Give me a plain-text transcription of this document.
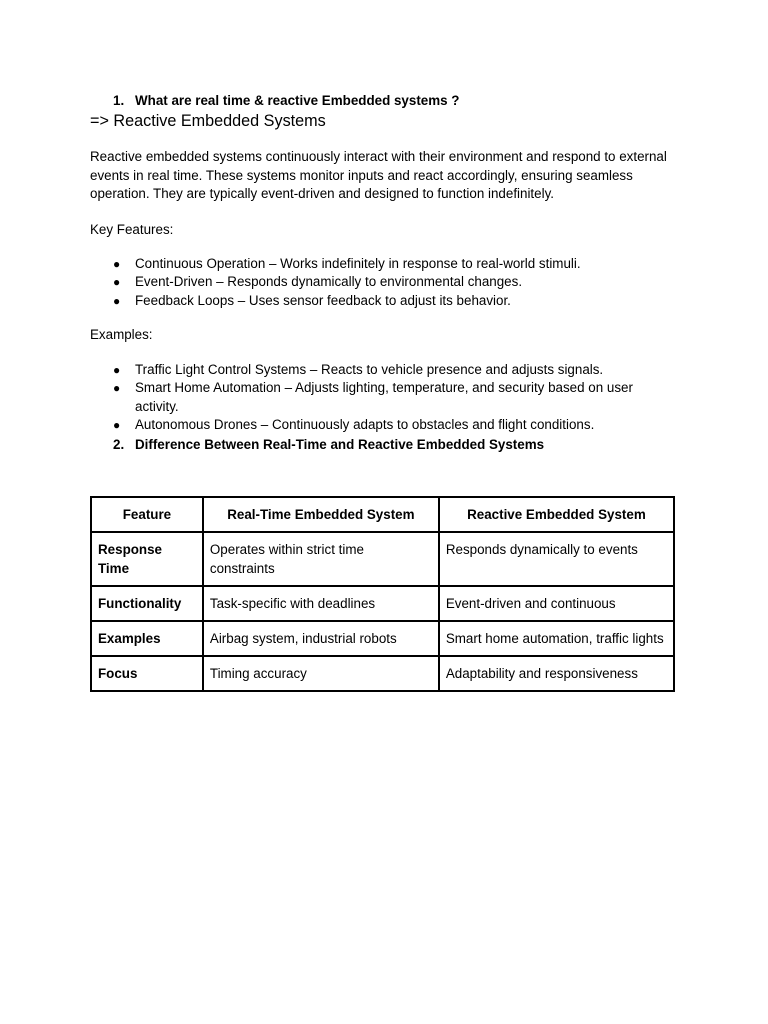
1. What are real time & reactive Embedded systems ?
=> Reactive Embedded Systems

Reactive embedded systems continuously interact with their environment and respond to external events in real time. These systems monitor inputs and react accordingly, ensuring seamless operation. They are typically event-driven and designed to function indefinitely.

Key Features:
● Continuous Operation – Works indefinitely in response to real-world stimuli.
● Event-Driven – Responds dynamically to environmental changes.
● Feedback Loops – Uses sensor feedback to adjust its behavior.
Examples:
● Traffic Light Control Systems – Reacts to vehicle presence and adjusts signals.
● Smart Home Automation – Adjusts lighting, temperature, and security based on user activity.
● Autonomous Drones – Continuously adapts to obstacles and flight conditions.
2. Difference Between Real-Time and Reactive Embedded Systems
Feature	Real-Time Embedded System	Reactive Embedded System
Response Time	Operates within strict time constraints	Responds dynamically to events
Functionality	Task-specific with deadlines	Event-driven and continuous
Examples	Airbag system, industrial robots	Smart home automation, traffic lights
Focus	Timing accuracy	Adaptability and responsiveness
